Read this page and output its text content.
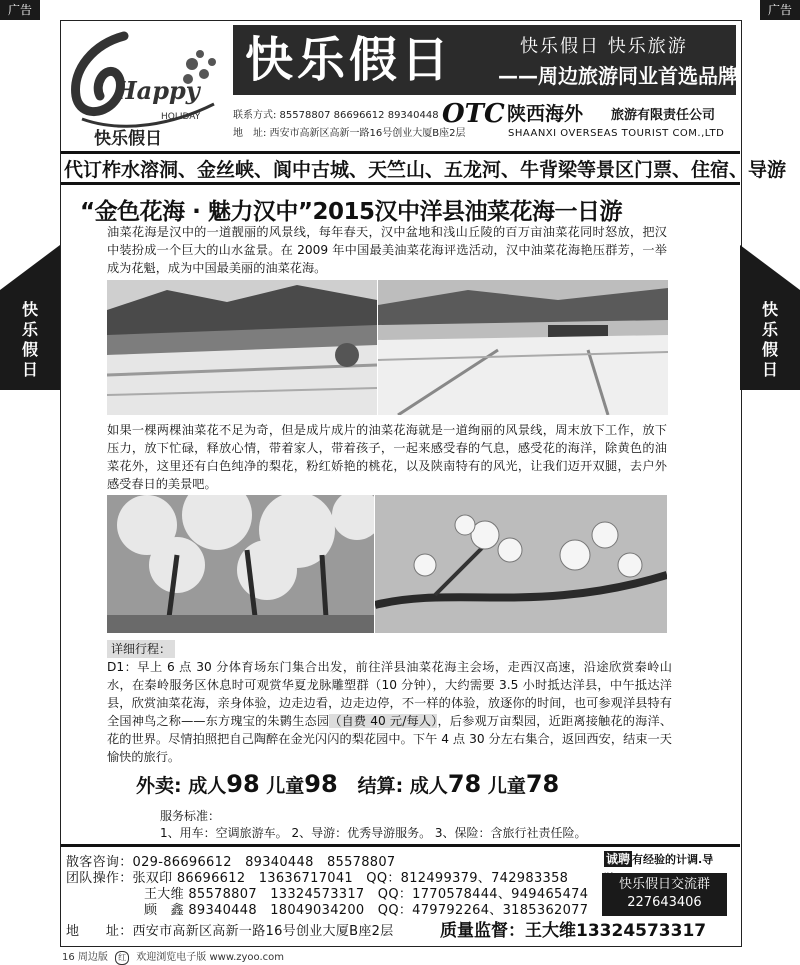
广告	广告
快
乐
假
日
快
乐
假
日
Happy
HOLIDAY
快乐假日
快乐假日	快乐假日 快乐旅游
——周边旅游同业首选品牌
联系方式: 85578807 86696612 89340448
地　址: 西安市高新区高新一路16号创业大厦B座2层
OTC 陕西海外 旅游有限责任公司
SHAANXI OVERSEAS TOURIST COM.,LTD
代订柞水溶洞、金丝峡、阆中古城、天竺山、五龙河、牛背梁等景区门票、住宿、导游
“金色花海 · 魅力汉中”2015汉中洋县油菜花海一日游
油菜花海是汉中的一道靓丽的风景线，每年春天，汉中盆地和浅山丘陵的百万亩油菜花同时怒放，把汉中装扮成一个巨大的山水盆景。在 2009 年中国最美油菜花海评选活动，汉中油菜花海艳压群芳，一举成为花魁，成为中国最美丽的油菜花海。
如果一棵两棵油菜花不足为奇，但是成片成片的油菜花海就是一道绚丽的风景线，周末放下工作，放下压力，放下忙碌，释放心情，带着家人，带着孩子，一起来感受春的气息，感受花的海洋，除黄色的油菜花外，这里还有白色纯净的梨花，粉红娇艳的桃花，以及陕南特有的风光，让我们迈开双腿，去户外感受春日的美景吧。
详细行程：
D1：早上 6 点 30 分体育场东门集合出发，前往洋县油菜花海主会场，走西汉高速，沿途欣赏秦岭山水，在秦岭服务区休息时可观赏华夏龙脉雕塑群（10 分钟），大约需要 3.5 小时抵达洋县，中午抵达洋县，欣赏油菜花海，亲身体验，边走边看，边走边停，不一样的体验，放逐你的时间，也可参观洋县特有全国神鸟之称——东方瑰宝的朱鹮生态园（自费 40 元/每人），后参观万亩梨园，近距离接触花的海洋、花的世界。尽情拍照把自己陶醉在金光闪闪的梨花园中。下午 4 点 30 分左右集合，返回西安，结束一天愉快的旅行。
外卖: 成人98 儿童98 结算: 成人78 儿童78
服务标准：
1、用车：空调旅游车。 2、导游：优秀导游服务。 3、保险：含旅行社责任险。
散客咨询：029-86696612　89340448　85578807
团队操作：张双印 86696612　13636717041　QQ：812499379、742983358
王大维 85578807　13324573317　QQ：1770578444、949465474
顾　鑫 89340448　18049034200　QQ：479792264、3185362077
地　　址：西安市高新区高新一路16号创业大厦B座2层
诚聘 有经验的计调.导
快乐假日交流群
227643406
质量监督：王大维13324573317
16 周边版 红 欢迎浏览电子版 www.zyoo.com
